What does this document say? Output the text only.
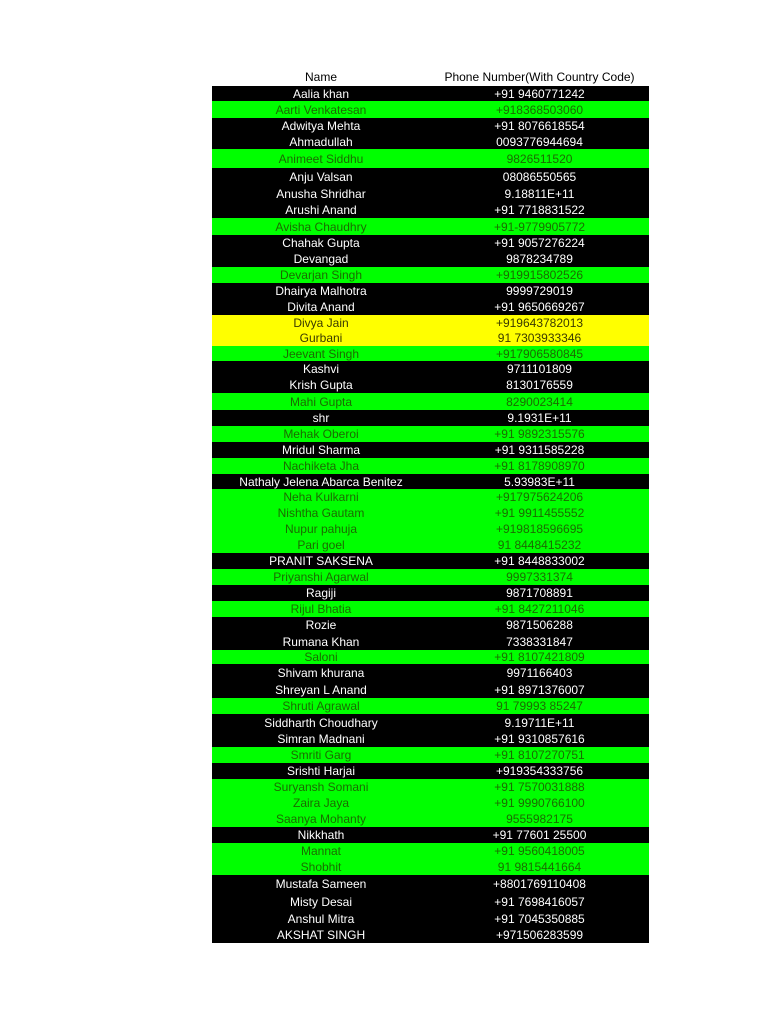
Name	Phone Number(With Country Code)
Aalia khan	+91 9460771242
Aarti Venkatesan	+918368503060
Adwitya Mehta	+91 8076618554
Ahmadullah	0093776944694
Animeet Siddhu	9826511520
Anju Valsan	08086550565
Anusha Shridhar	9.18811E+11
Arushi Anand	+91 7718831522
Avisha Chaudhry	+91-9779905772
Chahak Gupta	+91 9057276224
Devangad	9878234789
Devarjan Singh	+919915802526
Dhairya Malhotra	9999729019
Divita Anand	+91 9650669267
Divya Jain	+919643782013
Gurbani	91 7303933346
Jeevant Singh	+917906580845
Kashvi	9711101809
Krish Gupta	8130176559
Mahi Gupta	8290023414
shr	9.1931E+11
Mehak Oberoi	+91 9892315576
Mridul Sharma	+91 9311585228
Nachiketa Jha	+91 8178908970
Nathaly Jelena Abarca Benitez	5.93983E+11
Neha Kulkarni	+917975624206
Nishtha Gautam	+91 9911455552
Nupur pahuja	+919818596695
Pari goel	91 8448415232
PRANIT SAKSENA	+91 8448833002
Priyanshi Agarwal	9997331374
Ragiji	9871708891
Rijul Bhatia	+91 8427211046
Rozie	9871506288
Rumana Khan	7338331847
Saloni	+91 8107421809
Shivam khurana	9971166403
Shreyan L Anand	+91 8971376007
Shruti Agrawal	91 79993 85247
Siddharth Choudhary	9.19711E+11
Simran Madnani	+91 9310857616
Smriti Garg	+91 8107270751
Srishti Harjai	+919354333756
Suryansh Somani	+91 7570031888
Zaira Jaya	+91 9990766100
Saanya Mohanty	9555982175
Nikkhath	+91 77601 25500
Mannat	+91 9560418005
Shobhit	91 9815441664
Mustafa Sameen	+8801769110408
Misty Desai	+91 7698416057
Anshul Mitra	+91 7045350885
AKSHAT SINGH	+971506283599
